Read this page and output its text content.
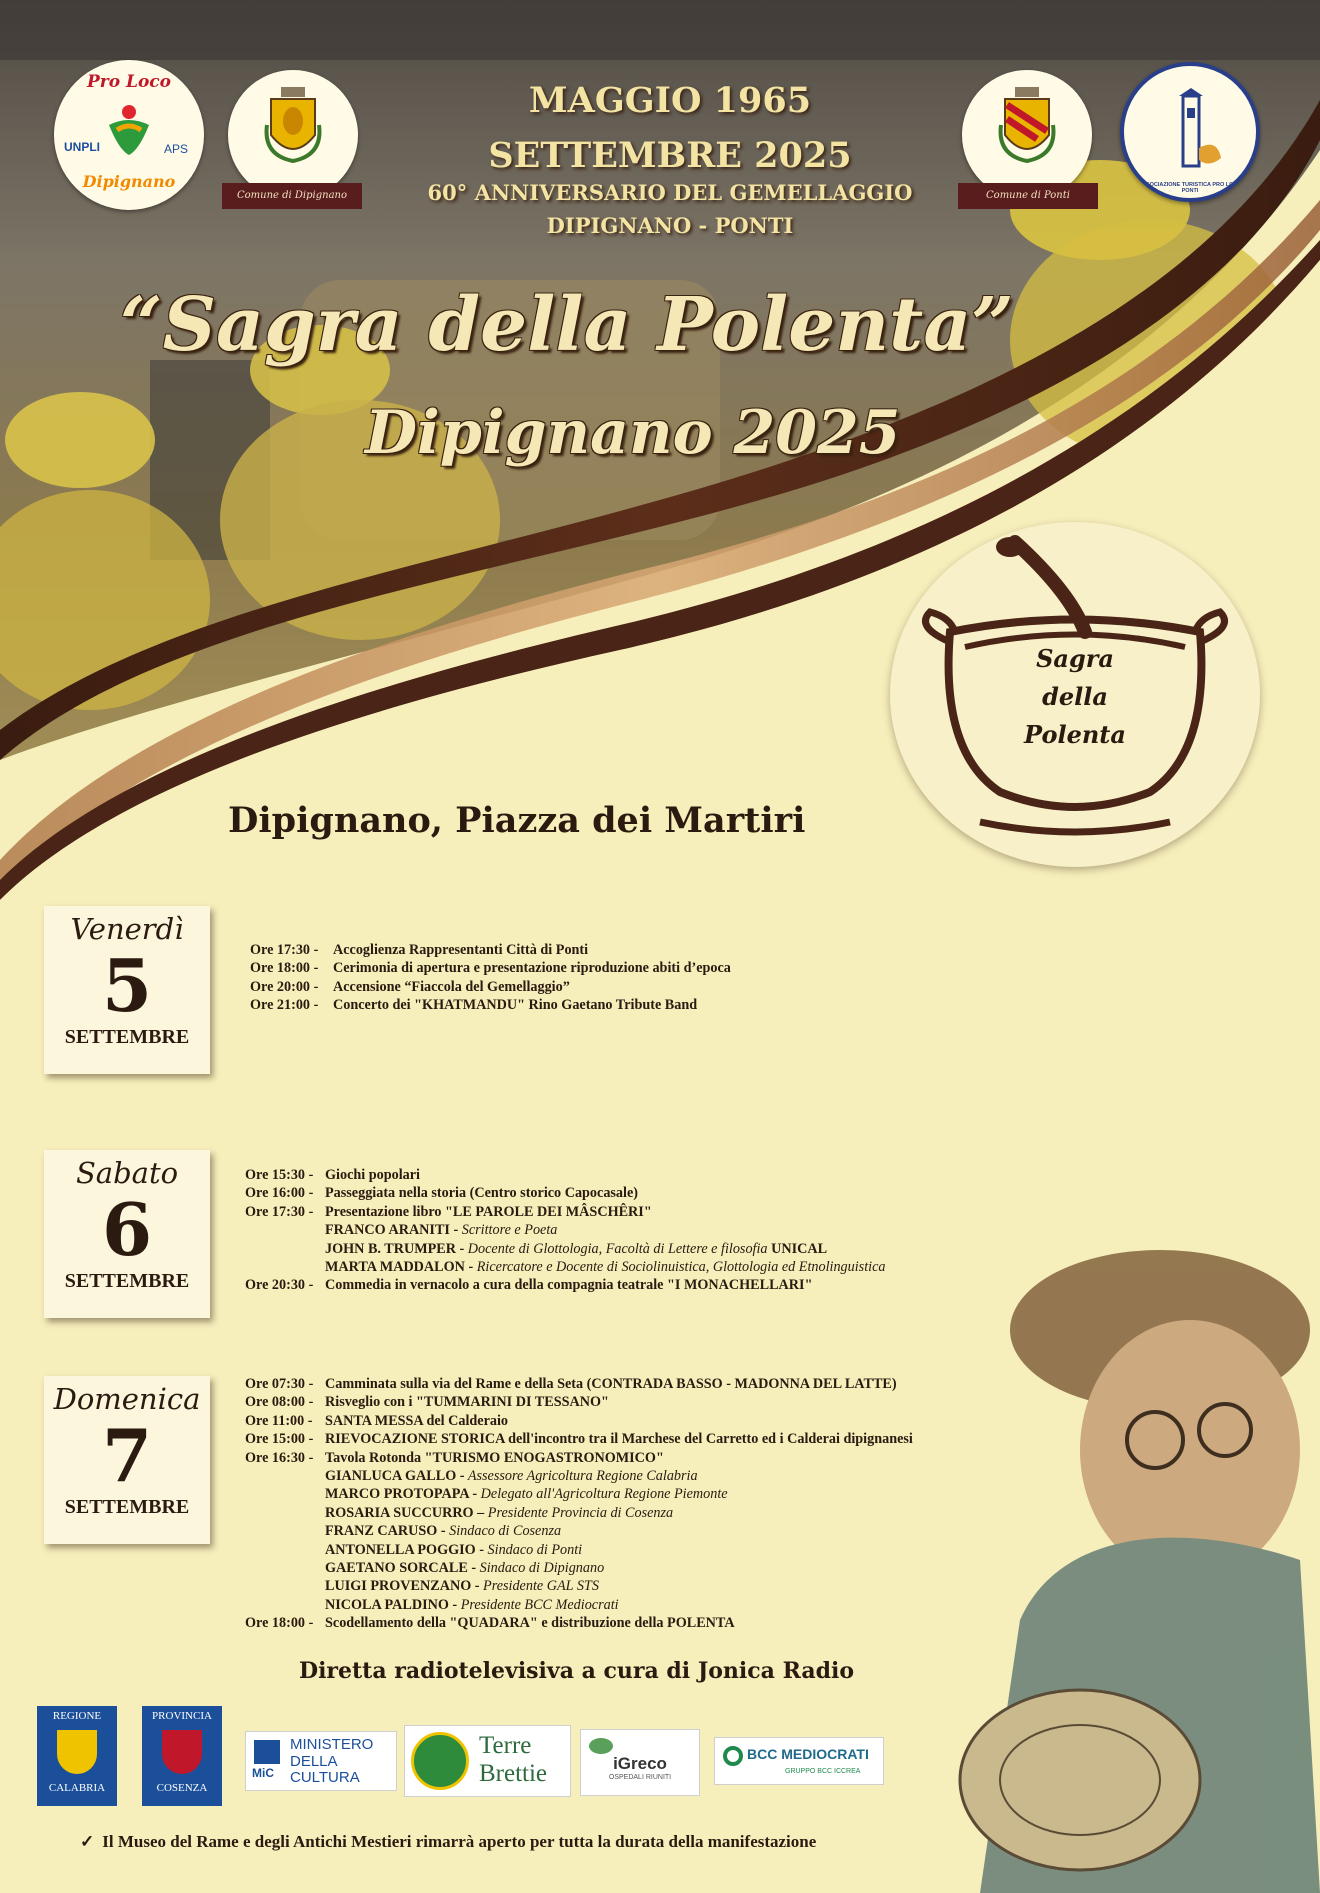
Pro Loco
UNPLI	APS
Dipignano
Comune di Dipignano	Comune di Ponti
ASSOCIAZIONE TURISTICA PRO LOCO PONTI
MAGGIO 1965
SETTEMBRE 2025
60° ANNIVERSARIO DEL GEMELLAGGIO
DIPIGNANO - PONTI
“Sagra della Polenta”
Dipignano 2025
Sagra
della
Polenta
Dipignano, Piazza dei Martiri
Venerdì
5
SETTEMBRE
Ore 17:30 - Accoglienza Rappresentanti Città di Ponti
Ore 18:00 - Cerimonia di apertura e presentazione riproduzione abiti d’epoca
Ore 20:00 - Accensione “Fiaccola del Gemellaggio”
Ore 21:00 - Concerto dei "KHATMANDU" Rino Gaetano Tribute Band
Sabato
6
SETTEMBRE
Ore 15:30 - Giochi popolari
Ore 16:00 - Passeggiata nella storia (Centro storico Capocasale)
Ore 17:30 - Presentazione libro "LE PAROLE DEI MÂSCHÊRI"
FRANCO ARANITI - Scrittore e Poeta
JOHN B. TRUMPER - Docente di Glottologia, Facoltà di Lettere e filosofia UNICAL
MARTA MADDALON - Ricercatore e Docente di Sociolinuistica, Glottologia ed Etnolinguistica
Ore 20:30 - Commedia in vernacolo a cura della compagnia teatrale "I MONACHELLARI"
Domenica
7
SETTEMBRE
Ore 07:30 - Camminata sulla via del Rame e della Seta (CONTRADA BASSO - MADONNA DEL LATTE)
Ore 08:00 - Risveglio con i "TUMMARINI DI TESSANO"
Ore 11:00 - SANTA MESSA del Calderaio
Ore 15:00 - RIEVOCAZIONE STORICA dell'incontro tra il Marchese del Carretto ed i Calderai dipignanesi
Ore 16:30 - Tavola Rotonda "TURISMO ENOGASTRONOMICO"
GIANLUCA GALLO - Assessore Agricoltura Regione Calabria
MARCO PROTOPAPA - Delegato all'Agricoltura Regione Piemonte
ROSARIA SUCCURRO – Presidente Provincia di Cosenza
FRANZ CARUSO - Sindaco di Cosenza
ANTONELLA POGGIO - Sindaco di Ponti
GAETANO SORCALE - Sindaco di Dipignano
LUIGI PROVENZANO - Presidente GAL STS
NICOLA PALDINO - Presidente BCC Mediocrati
Ore 18:00 - Scodellamento della "QUADARA" e distribuzione della POLENTA
Diretta radiotelevisiva a cura di Jonica Radio
REGIONE
CALABRIA
PROVINCIA
COSENZA
MiC
MINISTERO
DELLA
CULTURA
Terre
Brettie	iGreco
OSPEDALI RIUNITI
BCC MEDIOCRATI
GRUPPO BCC ICCREA
✓ Il Museo del Rame e degli Antichi Mestieri rimarrà aperto per tutta la durata della manifestazione
